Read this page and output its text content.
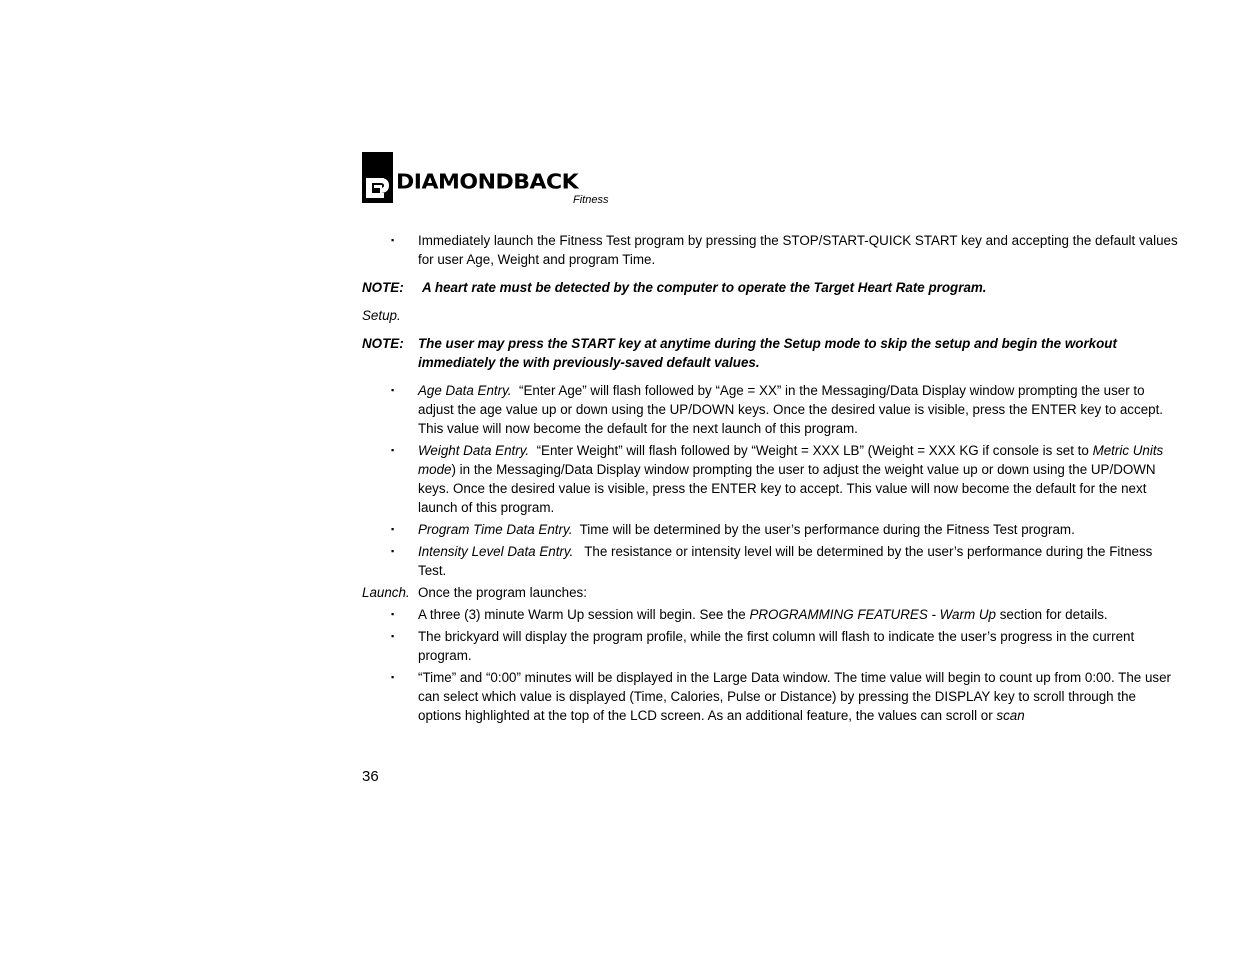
DIAMONDBACK
Fitness

▪ Immediately launch the Fitness Test program by pressing the STOP/START-QUICK START key and accepting the default values for user Age, Weight and program Time.

NOTE: A heart rate must be detected by the computer to operate the Target Heart Rate program.

Setup.

NOTE: The user may press the START key at anytime during the Setup mode to skip the setup and begin the workout immediately the with previously-saved default values.

▪ Age Data Entry. “Enter Age” will flash followed by “Age = XX” in the Messaging/Data Display window prompting the user to adjust the age value up or down using the UP/DOWN keys. Once the desired value is visible, press the ENTER key to accept. This value will now become the default for the next launch of this program.

▪ Weight Data Entry. “Enter Weight” will flash followed by “Weight = XXX LB” (Weight = XXX KG if console is set to Metric Units mode) in the Messaging/Data Display window prompting the user to adjust the weight value up or down using the UP/DOWN keys. Once the desired value is visible, press the ENTER key to accept. This value will now become the default for the next launch of this program.

▪ Program Time Data Entry. Time will be determined by the user’s performance during the Fitness Test program.

▪ Intensity Level Data Entry. The resistance or intensity level will be determined by the user’s performance during the Fitness Test.

Launch. Once the program launches:

▪ A three (3) minute Warm Up session will begin. See the PROGRAMMING FEATURES - Warm Up section for details.

▪ The brickyard will display the program profile, while the first column will flash to indicate the user’s progress in the current program.

▪ “Time” and “0:00” minutes will be displayed in the Large Data window. The time value will begin to count up from 0:00. The user can select which value is displayed (Time, Calories, Pulse or Distance) by pressing the DISPLAY key to scroll through the options highlighted at the top of the LCD screen. As an additional feature, the values can scroll or scan

36
